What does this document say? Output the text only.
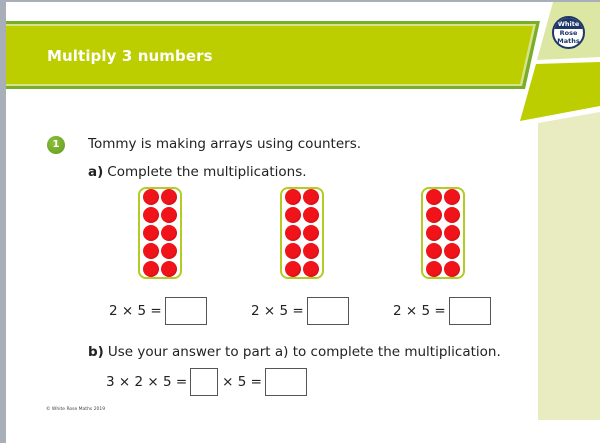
Multiply 3 numbers
White
Rose
Maths
1	Tommy is making arrays using counters.
a) Complete the multiplications.
2 × 5 =	2 × 5 =	2 × 5 =
b) Use your answer to part a) to complete the multiplication.
3 × 2 × 5 =	× 5 =
© White Rose Maths 2019
